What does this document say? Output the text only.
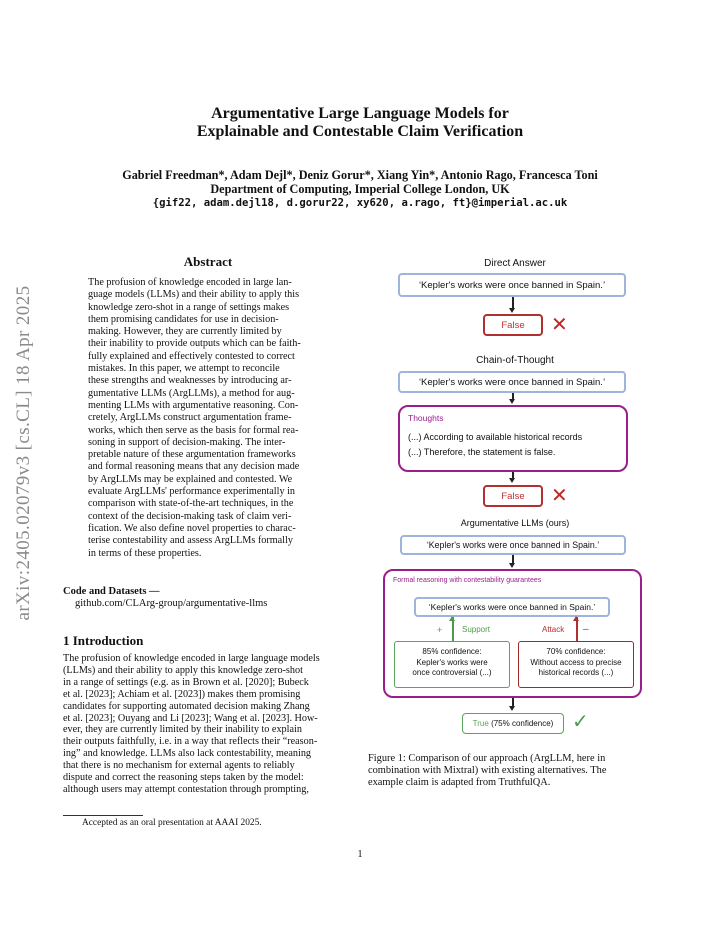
arXiv:2405.02079v3 [cs.CL] 18 Apr 2025
Argumentative Large Language Models for
Explainable and Contestable Claim Verification
Gabriel Freedman*, Adam Dejl*, Deniz Gorur*, Xiang Yin*, Antonio Rago, Francesca Toni
Department of Computing, Imperial College London, UK
{gif22, adam.dejl18, d.gorur22, xy620, a.rago, ft}@imperial.ac.uk
Abstract
The profusion of knowledge encoded in large lan-
guage models (LLMs) and their ability to apply this
knowledge zero-shot in a range of settings makes
them promising candidates for use in decision-
making. However, they are currently limited by
their inability to provide outputs which can be faith-
fully explained and effectively contested to correct
mistakes. In this paper, we attempt to reconcile
these strengths and weaknesses by introducing ar-
gumentative LLMs (ArgLLMs), a method for aug-
menting LLMs with argumentative reasoning. Con-
cretely, ArgLLMs construct argumentation frame-
works, which then serve as the basis for formal rea-
soning in support of decision-making. The inter-
pretable nature of these argumentation frameworks
and formal reasoning means that any decision made
by ArgLLMs may be explained and contested. We
evaluate ArgLLMs' performance experimentally in
comparison with state-of-the-art techniques, in the
context of the decision-making task of claim veri-
fication. We also define novel properties to charac-
terise contestability and assess ArgLLMs formally
in terms of these properties.
Code and Datasets —
github.com/CLArg-group/argumentative-llms
1 Introduction
The profusion of knowledge encoded in large language models
(LLMs) and their ability to apply this knowledge zero-shot
in a range of settings (e.g. as in Brown et al. [2020]; Bubeck
et al. [2023]; Achiam et al. [2023]) makes them promising
candidates for supporting automated decision making Zhang
et al. [2023]; Ouyang and Li [2023]; Wang et al. [2023]. How-
ever, they are currently limited by their inability to explain
their outputs faithfully, i.e. in a way that reflects their “reason-
ing” and knowledge. LLMs also lack contestability, meaning
that there is no mechanism for external agents to reliably
dispute and correct the reasoning steps taken by the model:
although users may attempt contestation through prompting,
Accepted as an oral presentation at AAAI 2025.
1
Direct Answer
‘Kepler's works were once banned in Spain.’
False ✕
Chain-of-Thought
‘Kepler's works were once banned in Spain.’
Thoughts
(...) According to available historical records
(...) Therefore, the statement is false.
False ✕
Argumentative LLMs (ours)
‘Kepler's works were once banned in Spain.’
Formal reasoning with contestability guarantees
‘Kepler's works were once banned in Spain.’
+ Support	Attack –
85% confidence:
Kepler's works were
once controversial (...)
70% confidence:
Without access to precise
historical records (...)
True
(75% confidence) ✓
Figure 1: Comparison of our approach (ArgLLM, here in
combination with Mixtral) with existing alternatives. The
example claim is adapted from TruthfulQA.
